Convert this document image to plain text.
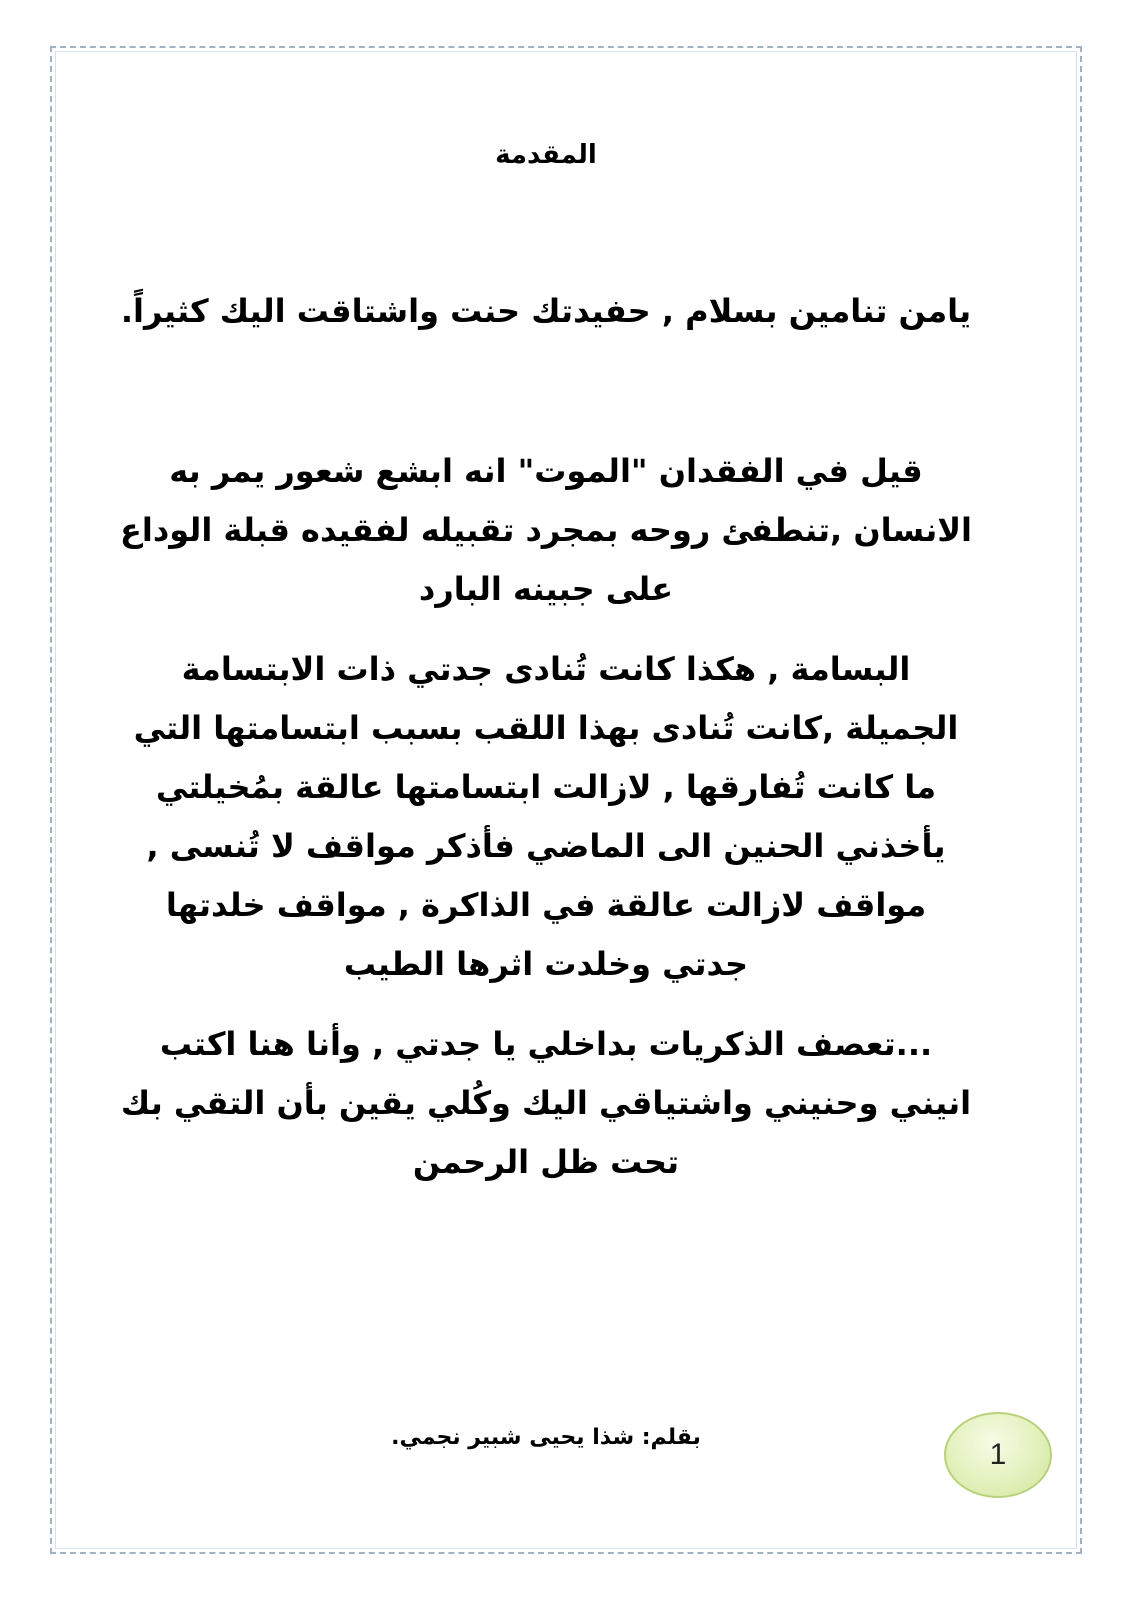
المقدمة
يامن تنامين بسلام , حفيدتك حنت واشتاقت اليك كثيراً.
قيل في الفقدان "الموت" انه ابشع شعور يمر به
الانسان ,تنطفئ روحه بمجرد تقبيله لفقيده قبلة الوداع
على جبينه البارد
البسامة , هكذا كانت تُنادى جدتي ذات الابتسامة
الجميلة ,كانت تُنادى بهذا اللقب بسبب ابتسامتها التي
ما كانت تُفارقها , لازالت ابتسامتها عالقة بمُخيلتي
يأخذني الحنين الى الماضي فأذكر مواقف لا تُنسى ,
مواقف لازالت عالقة في الذاكرة , مواقف خلدتها
جدتي وخلدت اثرها الطيب
...تعصف الذكريات بداخلي يا جدتي , وأنا هنا اكتب
انيني وحنيني واشتياقي اليك وكُلي يقين بأن التقي بك
تحت ظل الرحمن
بقلم: شذا يحيى شبير نجمي.
1
